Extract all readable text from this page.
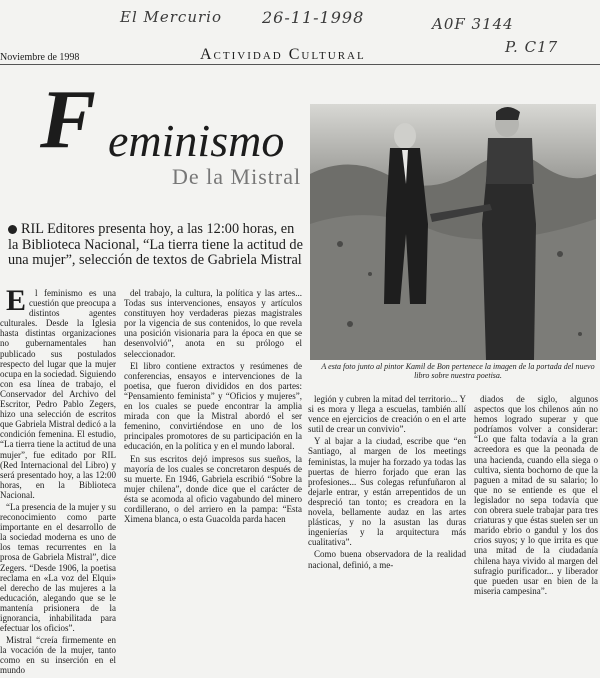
El Mercurio	26-11-1998	A0F 3144
P. C17
Noviembre de 1998	Actividad Cultural
F eminismo
De la Mistral
RIL Editores presenta hoy, a las 12:00 horas, en la Biblioteca Nacional, “La tierra tiene la actitud de una mujer”, selección de textos de Gabriela Mistral
A esta foto junto al pintor Kamil de Bon pertenece la imagen de la portada del nuevo libro sobre nuestra poetisa.

E l feminismo es una cuestión que preocupa a distintos agentes culturales. Desde la Iglesia hasta distintas organizaciones no gubernamentales han publicado sus postulados respecto del lugar que la mujer ocupa en la sociedad. Siguiendo con esa línea de trabajo, el Conservador del Archivo del Escritor, Pedro Pablo Zegers, hizo una selección de escritos que Gabriela Mistral dedicó a la condición femenina. El estudio, “La tierra tiene la actitud de una mujer”, fue editado por RIL (Red Internacional del Libro) y será presentado hoy, a las 12:00 horas, en la Biblioteca Nacional.

“La presencia de la mujer y su reconocimiento como parte importante en el desarrollo de la sociedad moderna es uno de los temas recurrentes en la prosa de Gabriela Mistral”, dice Zegers. “Desde 1906, la poetisa reclama en «La voz del Elqui» el derecho de las mujeres a la educación, alegando que se le mantenía prisionera de la ignorancia, inhabilitada para efectuar los oficios”.

Mistral “creía firmemente en la vocación de la mujer, tanto como en su inserción en el mundo

del trabajo, la cultura, la política y las artes... Todas sus intervenciones, ensayos y artículos constituyen hoy verdaderas piezas magistrales por la vigencia de sus contenidos, lo que revela una posición visionaria para la época en que se desenvolvió”, anota en su prólogo el seleccionador.

El libro contiene extractos y resúmenes de conferencias, ensayos e intervenciones de la poetisa, que fueron divididos en dos partes: “Pensamiento feminista” y “Oficios y mujeres”, en los cuales se puede encontrar la amplia mirada con que la Mistral abordó el ser femenino, convirtiéndose en uno de los principales promotores de su participación en la educación, en la política y en el mundo laboral.

En sus escritos dejó impresos sus sueños, la mayoría de los cuales se concretaron después de su muerte. En 1946, Gabriela escribió “Sobre la mujer chilena”, donde dice que el carácter de ésta se acomoda al oficio vagabundo del minero cordillerano, o del arriero en la pampa: “Esta Ximena blanca, o esta Guacolda parda hacen

legión y cubren la mitad del territorio... Y si es mora y llega a escuelas, también allí vence en ejercicios de creación o en el arte sutil de crear un convivio”.

Y al bajar a la ciudad, escribe que “en Santiago, al margen de los meetings feministas, la mujer ha forzado ya todas las puertas de hierro forjado que eran las profesiones... Sus colegas refunfuñaron al dejarle entrar, y están arrepentidos de un despreció tan tonto; es creadora en la novela, bellamente audaz en las artes plásticas, y no la asustan las duras ingenierías y la arquitectura más cualitativa”.

Como buena observadora de la realidad nacional, definió, a me-

diados de siglo, algunos aspectos que los chilenos aún no hemos logrado superar y que podríamos volver a considerar: “Lo que falta todavía a la gran acreedora es que la peonada de una hacienda, cuando ella siega o cultiva, sienta bochorno de que la paguen a mitad de su salario; lo que no se entiende es que el legislador no sepa todavía que con obrera suele trabajar para tres criaturas y que éstas suelen ser un marido ebrio o gandul y los dos crios suyos; y lo que irrita es que una mitad de la ciudadanía chilena haya vivido al margen del sufragio purificador... y liberador que pueden usar en bien de la miseria campesina”.
